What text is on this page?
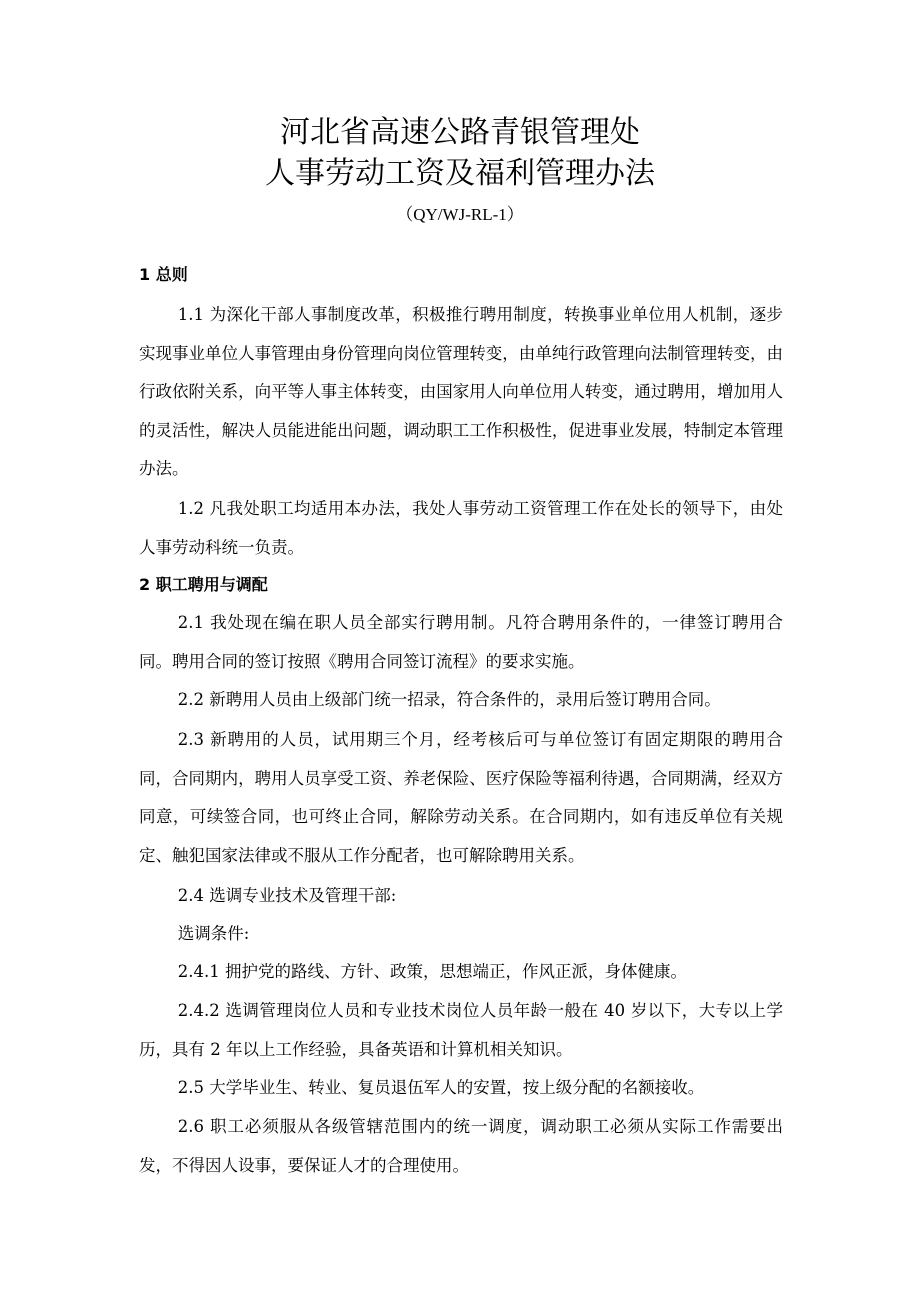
河北省高速公路青银管理处
人事劳动工资及福利管理办法
（QY/WJ-RL-1）
1 总则

1.1 为深化干部人事制度改革，积极推行聘用制度，转换事业单位用人机制，逐步实现事业单位人事管理由身份管理向岗位管理转变，由单纯行政管理向法制管理转变，由行政依附关系，向平等人事主体转变，由国家用人向单位用人转变，通过聘用，增加用人的灵活性，解决人员能进能出问题，调动职工工作积极性，促进事业发展，特制定本管理办法。

1.2 凡我处职工均适用本办法，我处人事劳动工资管理工作在处长的领导下，由处人事劳动科统一负责。

2 职工聘用与调配

2.1 我处现在编在职人员全部实行聘用制。凡符合聘用条件的，一律签订聘用合同。聘用合同的签订按照《聘用合同签订流程》的要求实施。

2.2 新聘用人员由上级部门统一招录，符合条件的，录用后签订聘用合同。

2.3 新聘用的人员，试用期三个月，经考核后可与单位签订有固定期限的聘用合同，合同期内，聘用人员享受工资、养老保险、医疗保险等福利待遇，合同期满，经双方同意，可续签合同，也可终止合同，解除劳动关系。在合同期内，如有违反单位有关规定、触犯国家法律或不服从工作分配者，也可解除聘用关系。

2.4 选调专业技术及管理干部:

选调条件:

2.4.1 拥护党的路线、方针、政策，思想端正，作风正派，身体健康。

2.4.2 选调管理岗位人员和专业技术岗位人员年龄一般在 40 岁以下，大专以上学历，具有 2 年以上工作经验，具备英语和计算机相关知识。

2.5 大学毕业生、转业、复员退伍军人的安置，按上级分配的名额接收。

2.6 职工必须服从各级管辖范围内的统一调度，调动职工必须从实际工作需要出发，不得因人设事，要保证人才的合理使用。
